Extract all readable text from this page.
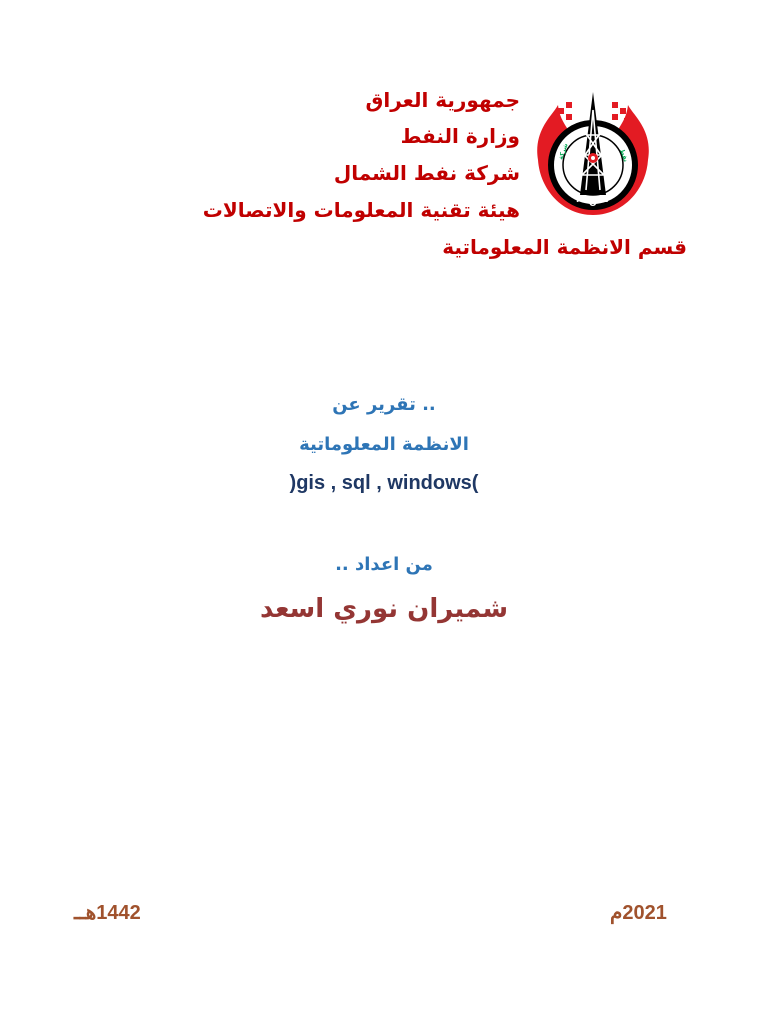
جمهورية العراق

وزارة النفط

شركة نفط الشمال

هيئة تقنية المعلومات والاتصالات

قسم الانظمة المعلوماتية

ﺷﺮﻛﺔ	ﻧﻔﻂ
N O C

.. تقرير عن

الانظمة المعلوماتية

)gis , sql , windows(

من اعداد ..

شميران نوري اسعد

1442هــ	2021م
